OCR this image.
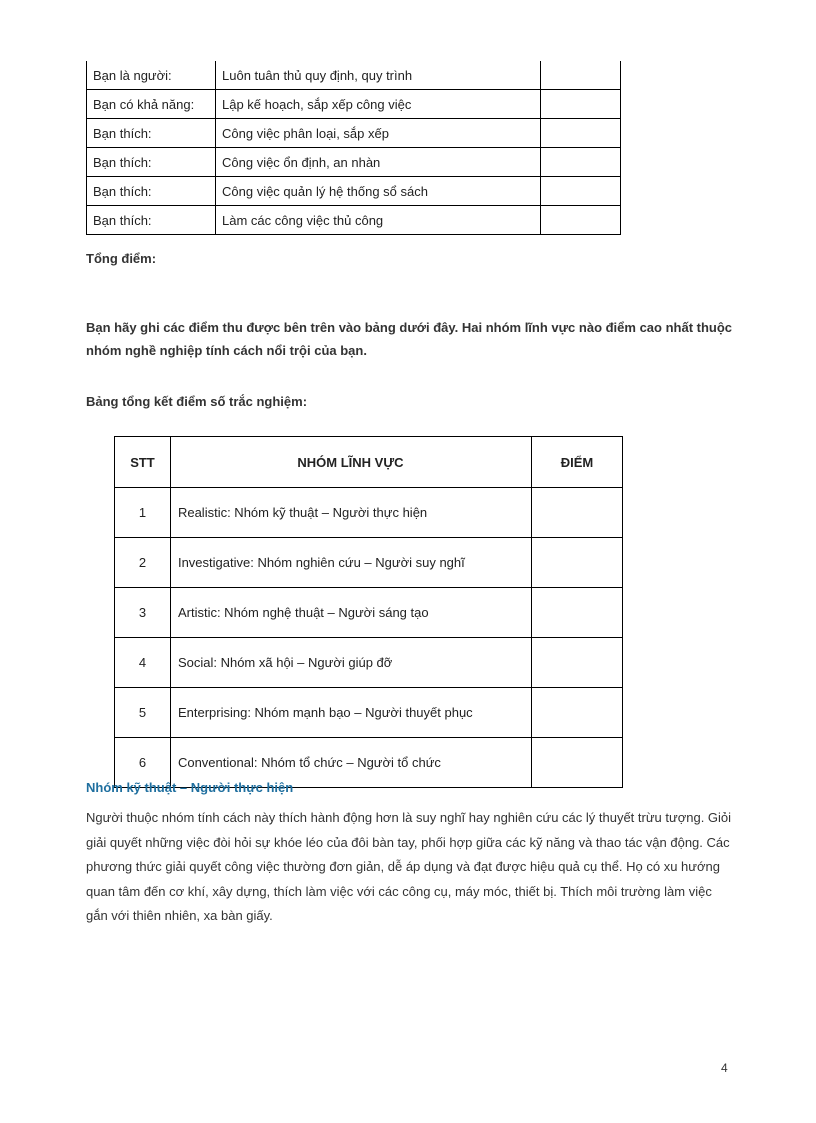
Bạn là người:	Luôn tuân thủ quy định, quy trình	
Bạn có khả năng:	Lập kế hoạch, sắp xếp công việc	
Bạn thích:	Công việc phân loại, sắp xếp	
Bạn thích:	Công việc ổn định, an nhàn	
Bạn thích:	Công việc quản lý hệ thống sổ sách	
Bạn thích:	Làm các công việc thủ công	
Tổng điểm:
Bạn hãy ghi các điểm thu được bên trên vào bảng dưới đây. Hai nhóm lĩnh vực nào điểm cao nhất thuộc nhóm nghề nghiệp tính cách nổi trội của bạn.
Bảng tổng kết điểm số trắc nghiệm:
STT	NHÓM LĨNH VỰC	ĐIỂM
1	Realistic: Nhóm kỹ thuật – Người thực hiện	
2	Investigative: Nhóm nghiên cứu – Người suy nghĩ	
3	Artistic: Nhóm nghệ thuật – Người sáng tạo	
4	Social: Nhóm xã hội – Người giúp đỡ	
5	Enterprising: Nhóm mạnh bạo – Người thuyết phục	
6	Conventional: Nhóm tổ chức – Người tổ chức	
Nhóm kỹ thuật – Người thực hiện
Người thuộc nhóm tính cách này thích hành động hơn là suy nghĩ hay nghiên cứu các lý thuyết trừu tượng. Giỏi giải quyết những việc đòi hỏi sự khóe léo của đôi bàn tay, phối hợp giữa các kỹ năng và thao tác vận động. Các phương thức giải quyết công việc thường đơn giản, dễ áp dụng và đạt được hiệu quả cụ thể. Họ có xu hướng quan tâm đến cơ khí, xây dựng, thích làm việc với các công cụ, máy móc, thiết bị. Thích môi trường làm việc gắn với thiên nhiên, xa bàn giấy.
4
